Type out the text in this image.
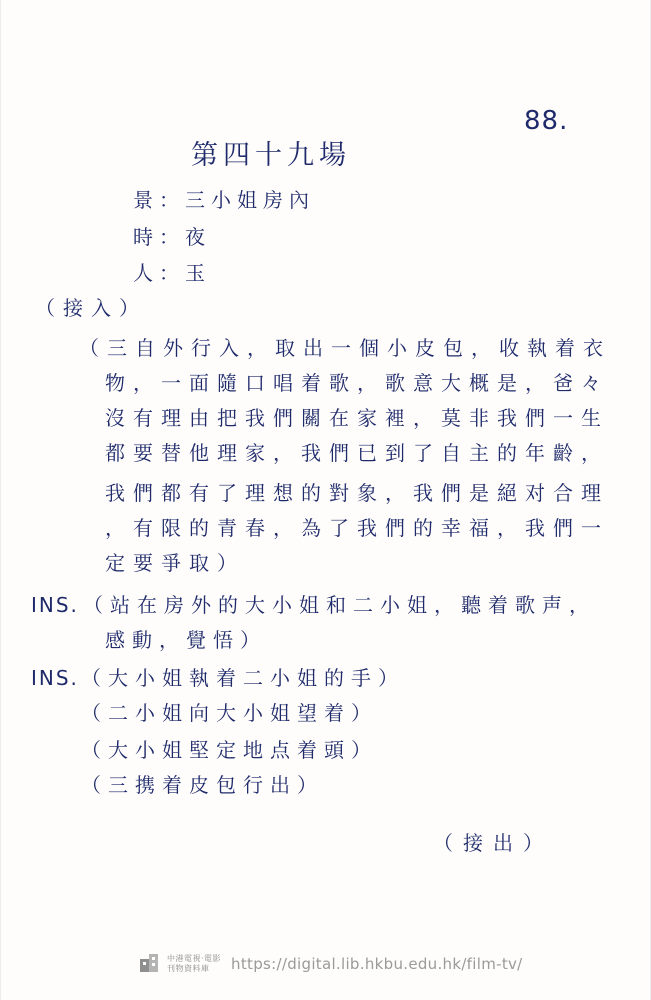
88.
第四十九場
景：三小姐房內
時：夜
人：玉
（接入）
（三自外行入，取出一個小皮包，收執着衣
物，一面隨口唱着歌，歌意大概是，爸々
沒有理由把我們關在家裡，莫非我們一生
都要替他理家，我們已到了自主的年齡，
我們都有了理想的對象，我們是絕对合理
，有限的青春，為了我們的幸福，我們一
定要爭取）
INS. （站在房外的大小姐和二小姐，聽着歌声，
感動，覺悟）
INS. （大小姐執着二小姐的手）
（二小姐向大小姐望着）
（大小姐堅定地点着頭）
（三携着皮包行出）
（接出）
中港電視·電影
刊物資料庫	https://digital.lib.hkbu.edu.hk/film-tv/
